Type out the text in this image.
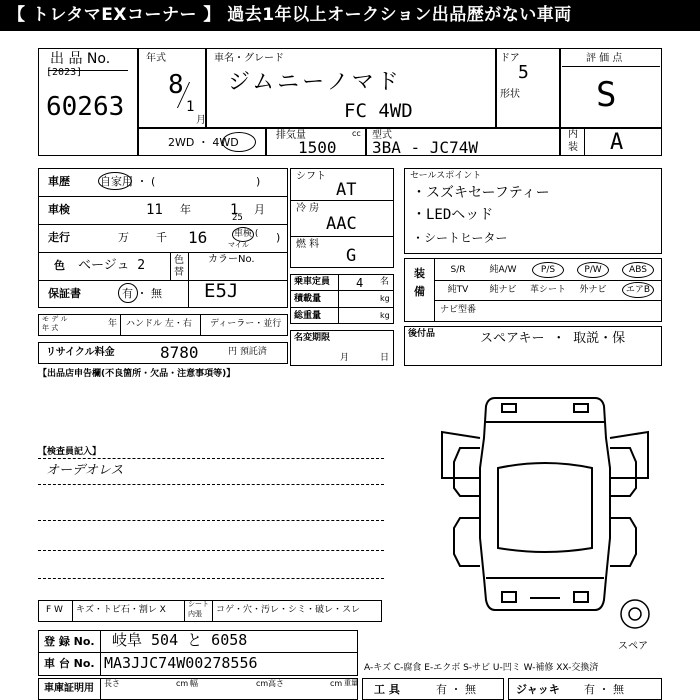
【 トレタマEXコーナー 】 過去1年以上オークション出品歴がない車両
出 品 No.
[2023]
60263
年式
8
1
月
車名・グレード
ジムニーノマド
FC 4WD
ドア
5
形状
評 価 点
S
2WD ・ 4WD
排気量	cc
1500
型式
3BA - JC74W
内
装 A
車歴	自家用 ・ (	)
車検	11 年	1 月
25
走行	万 千 16	マイル
車検 ( )
色 ベージュ 2	色
替
カラーNo.
保証書	有 ・ 無 E5J
モ デ ル
年 式	年 ハンドル 左・右 ディーラー・並行
リサイクル料金	8780	円 預託済
【出品店申告欄(不良箇所・欠品・注意事項等)】
【検査員記入】
オーデオレス
シフト
AT
冷 房
AAC
燃 料
G
乗車定員 4 名
積載量	kg
総重量	kg
名変期限
月	日
セールスポイント
・スズキセーフティー
・LEDヘッド
・シートヒーター
装
備
S/R	純A/W	P/S	P/W	ABS
純TV	純ナビ	革シート	外ナビ	エアB
ナビ型番
後付品	スペアキー ・ 取説・保
スペア
F W キズ・トビ石・割レ X
シート
内張 コゲ・穴・汚レ・シミ・破レ・スレ
登 録 No. 岐阜 504 と 6058
車 台 No. MA3JJC74W00278556
車庫証明用 長さ	cm 幅	cm 高さ	cm 重量
A-キズ C-腐食 E-エクボ S-サビ U-凹ミ W-補修 XX-交換済
工 具	有 ・ 無	ジャッキ 有 ・ 無
